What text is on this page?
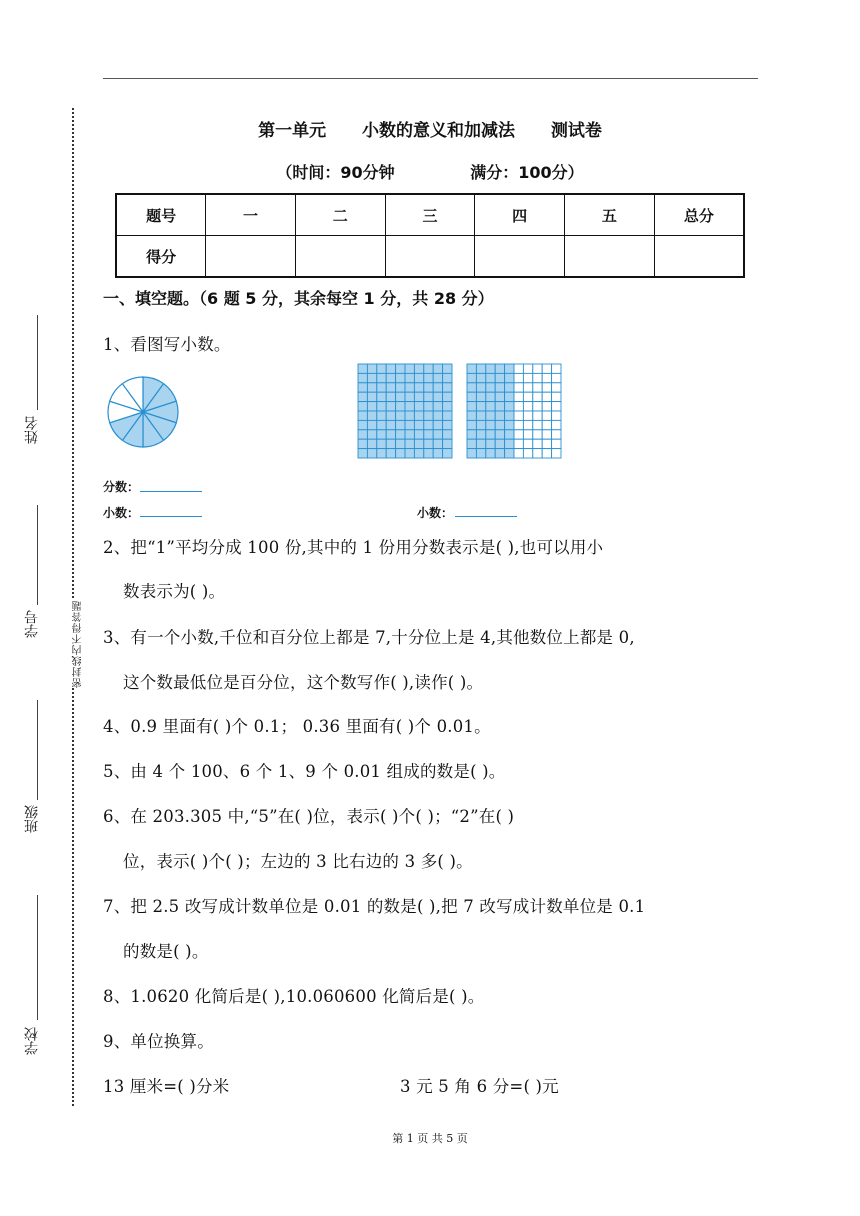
密封线内不得答题
姓名
学号
班级
学校
第一单元 小数的意义和加减法 测试卷
（时间：90分钟 满分：100分）
题号	一	二	三	四	五	总分
得分						
一、填空题。（6 题 5 分，其余每空 1 分，共 28 分）
1、看图写小数。
分数：
小数：	小数：
2、把“1”平均分成 100 份,其中的 1 份用分数表示是( ),也可以用小
数表示为( )。
3、有一个小数,千位和百分位上都是 7,十分位上是 4,其他数位上都是 0,
这个数最低位是百分位，这个数写作( ),读作( )。
4、0.9 里面有( )个 0.1； 0.36 里面有( )个 0.01。
5、由 4 个 100、6 个 1、9 个 0.01 组成的数是( )。
6、在 203.305 中,“5”在( )位，表示( )个( )；“2”在( )
位，表示( )个( )；左边的 3 比右边的 3 多( )。
7、把 2.5 改写成计数单位是 0.01 的数是( ),把 7 改写成计数单位是 0.1
的数是( )。
8、1.0620 化简后是( ),10.060600 化简后是( )。
9、单位换算。
13 厘米=( )分米	3 元 5 角 6 分=( )元
第 1 页 共 5 页
